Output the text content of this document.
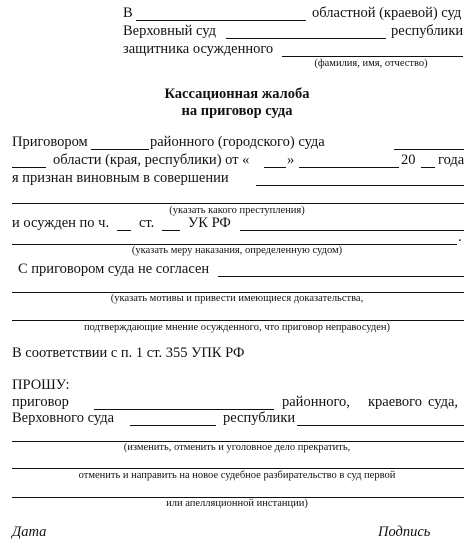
В	областной (краевой) суд
Верховный суд	республики
защитника осужденного
(фамилия, имя, отчество)
Кассационная жалоба
на приговор суда
Приговором	районного (городского) суда
области (края, республики) от «	»	20 года
я признан виновным в совершении
(указать какого преступления)
и осужден по ч. ст. УК РФ
.
(указать меру наказания, определенную судом)
С приговором суда не согласен
(указать мотивы и привести имеющиеся доказательства,
подтверждающие мнение осужденного, что приговор неправосуден)
В соответствии с п. 1 ст. 355 УПК РФ
ПРОШУ:
приговор	районного, краевого суда,
Верховного суда	республики
(изменить, отменить и уголовное дело прекратить,
отменить и направить на новое судебное разбирательство в суд первой
или апелляционной инстанции)
Дата	Подпись
